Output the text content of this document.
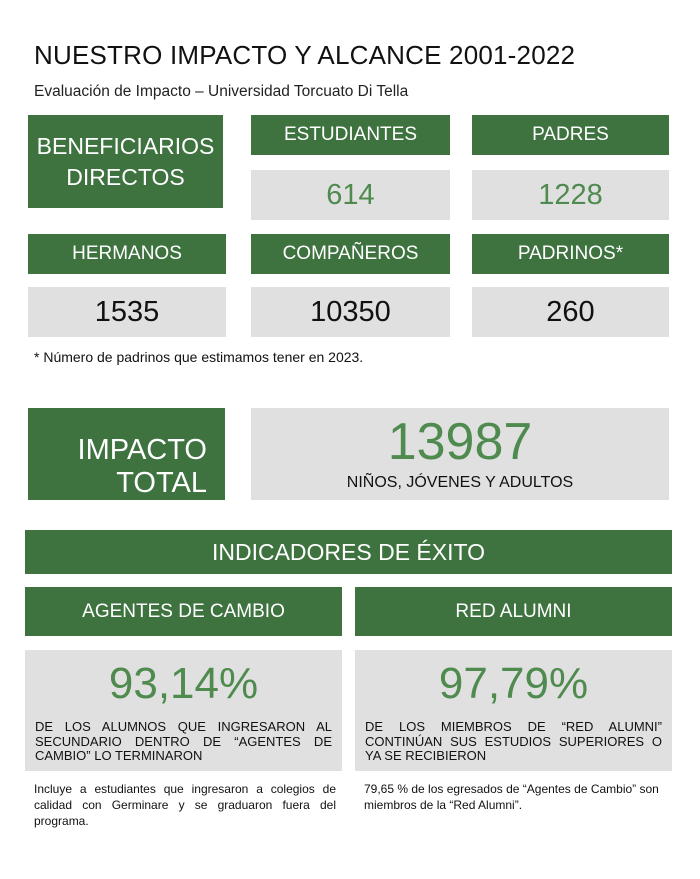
NUESTRO IMPACTO Y ALCANCE 2001-2022
Evaluación de Impacto – Universidad Torcuato Di Tella
BENEFICIARIOS
DIRECTOS
ESTUDIANTES
614
PADRES
1228
HERMANOS
1535
COMPAÑEROS
10350
PADRINOS*
260
* Número de padrinos que estimamos tener en 2023.
IMPACTO
TOTAL
13987
NIÑOS, JÓVENES Y ADULTOS
INDICADORES DE ÉXITO
AGENTES DE CAMBIO
93,14%
DE LOS ALUMNOS QUE INGRESARON AL SECUNDARIO DENTRO DE “AGENTES DE CAMBIO” LO TERMINARON
Incluye a estudiantes que ingresaron a colegios de calidad con Germinare y se graduaron fuera del programa.
RED ALUMNI
97,79%
DE LOS MIEMBROS DE “RED ALUMNI” CONTINÚAN SUS ESTUDIOS SUPERIORES O YA SE RECIBIERON
79,65 % de los egresados de “Agentes de Cambio” son miembros de la “Red Alumni”.
